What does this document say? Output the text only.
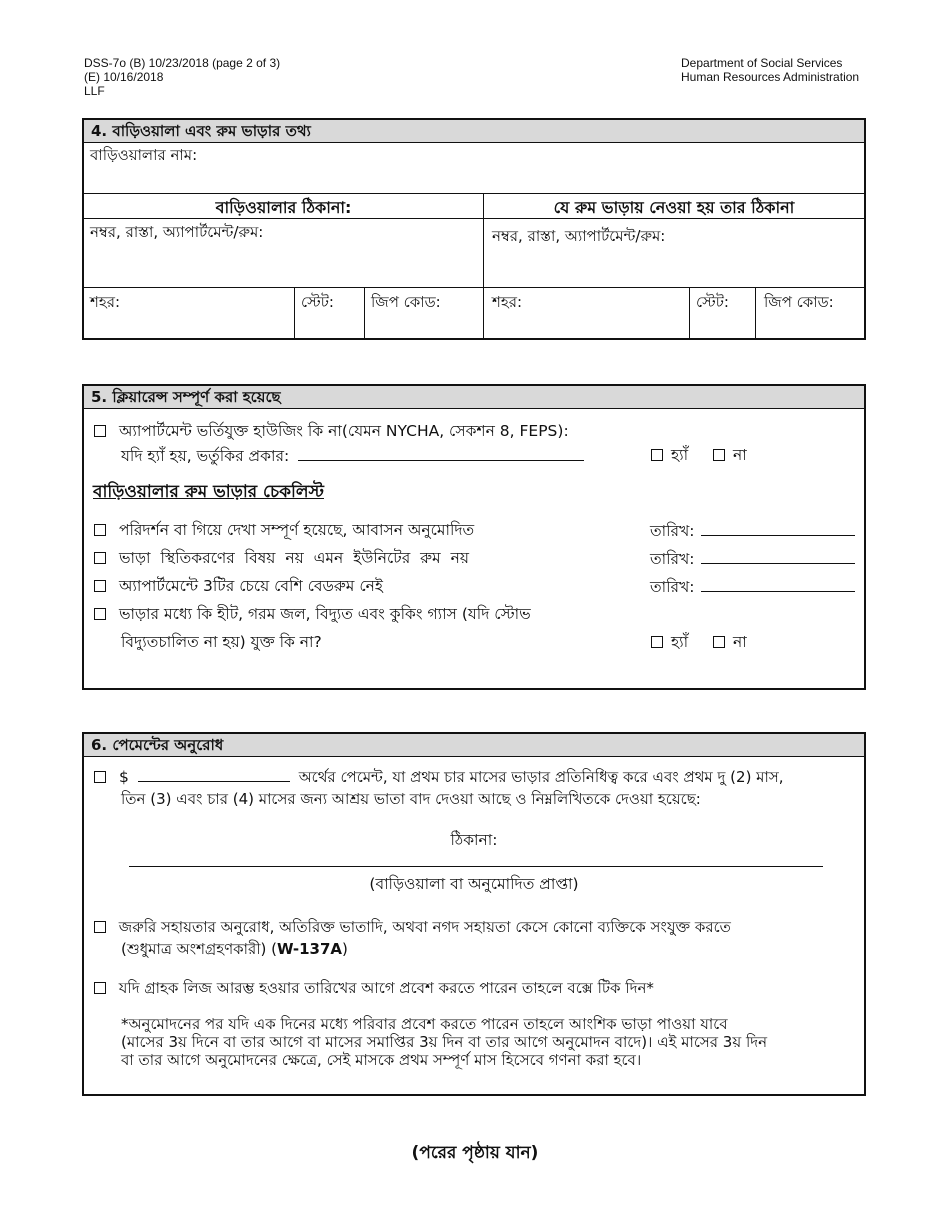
DSS-7o (B) 10/23/2018 (page 2 of 3)
(E) 10/16/2018
LLF
Department of Social Services
Human Resources Administration
4. বাড়িওয়ালা এবং রুম ভাড়ার তথ্য
বাড়িওয়ালার নাম:
বাড়িওয়ালার ঠিকানা:	যে রুম ভাড়ায় নেওয়া হয় তার ঠিকানা
নম্বর, রাস্তা, অ্যাপার্টমেন্ট/রুম:	নম্বর, রাস্তা, অ্যাপার্টমেন্ট/রুম:
শহর:	স্টেট:	জিপ কোড:	শহর:	স্টেট:	জিপ কোড:
5. ক্লিয়ারেন্স সম্পূর্ণ করা হয়েছে
অ্যাপার্টমেন্ট ভর্তিযুক্ত হাউজিং কি না(যেমন NYCHA, সেকশন 8, FEPS):
যদি হ্যাঁ হয়, ভর্তুকির প্রকার:	হ্যাঁ	না
বাড়িওয়ালার রুম ভাড়ার চেকলিস্ট
পরিদর্শন বা গিয়ে দেখা সম্পূর্ণ হয়েছে, আবাসন অনুমোদিত	তারিখ:
ভাড়া স্থিতিকরণের বিষয় নয় এমন ইউনিটের রুম নয়	তারিখ:
অ্যাপার্টমেন্টে 3টির চেয়ে বেশি বেডরুম নেই	তারিখ:
ভাড়ার মধ্যে কি হীট, গরম জল, বিদ্যুত এবং কুকিং গ্যাস (যদি স্টোভ
বিদ্যুতচালিত না হয়) যুক্ত কি না?	হ্যাঁ	না
6. পেমেন্টের অনুরোধ
$	অর্থের পেমেন্ট, যা প্রথম চার মাসের ভাড়ার প্রতিনিধিত্ব করে এবং প্রথম দু (2) মাস,
তিন (3) এবং চার (4) মাসের জন্য আশ্রয় ভাতা বাদ দেওয়া আছে ও নিম্নলিখিতকে দেওয়া হয়েছে:
ঠিকানা:
(বাড়িওয়ালা বা অনুমোদিত প্রাপ্তা)
জরুরি সহায়তার অনুরোধ, অতিরিক্ত ভাতাদি, অথবা নগদ সহায়তা কেসে কোনো ব্যক্তিকে সংযুক্ত করতে
(শুধুমাত্র অংশগ্রহণকারী) (W-137A)
যদি গ্রাহক লিজ আরম্ভ হওয়ার তারিখের আগে প্রবেশ করতে পারেন তাহলে বক্সে টিক দিন*
*অনুমোদনের পর যদি এক দিনের মধ্যে পরিবার প্রবেশ করতে পারেন তাহলে আংশিক ভাড়া পাওয়া যাবে
(মাসের 3য় দিনে বা তার আগে বা মাসের সমাপ্তির 3য় দিন বা তার আগে অনুমোদন বাদে)। এই মাসের 3য় দিন
বা তার আগে অনুমোদনের ক্ষেত্রে, সেই মাসকে প্রথম সম্পূর্ণ মাস হিসেবে গণনা করা হবে।
(পরের পৃষ্ঠায় যান)
